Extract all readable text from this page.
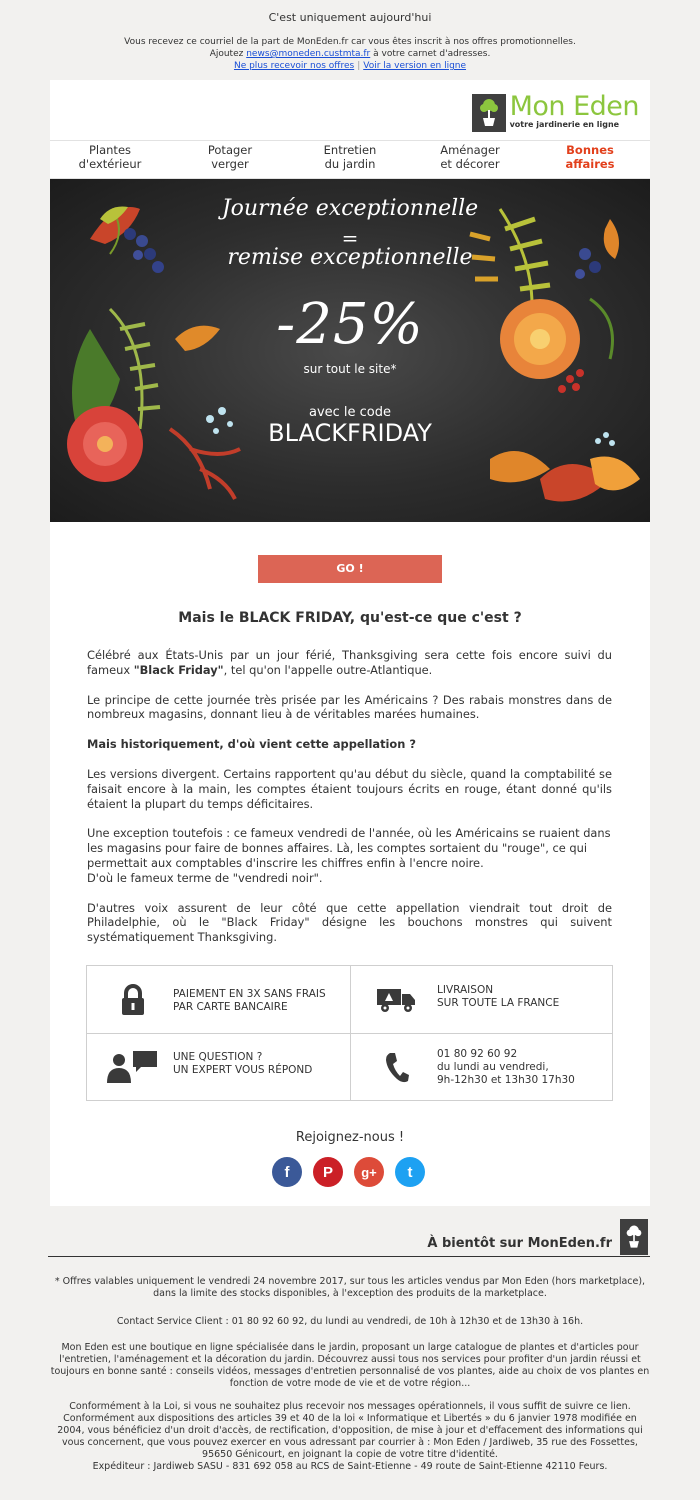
C'est uniquement aujourd'hui
Vous recevez ce courriel de la part de MonEden.fr car vous êtes inscrit à nos offres promotionnelles.
Ajoutez news@moneden.custmta.fr à votre carnet d'adresses.
Ne plus recevoir nos offres | Voir la version en ligne
Mon Eden
votre jardinerie en ligne
Plantes
d'extérieur
Potager
verger
Entretien
du jardin
Aménager
et décorer
Bonnes
affaires
Journée exceptionnelle
=
remise exceptionnelle
-25%
sur tout le site*
avec le code
BLACKFRIDAY
GO !
Mais le BLACK FRIDAY, qu'est-ce que c'est ?

Célébré aux États-Unis par un jour férié, Thanksgiving sera cette fois encore suivi du fameux "Black Friday", tel qu'on l'appelle outre-Atlantique.

Le principe de cette journée très prisée par les Américains ? Des rabais monstres dans de nombreux magasins, donnant lieu à de véritables marées humaines.

Mais historiquement, d'où vient cette appellation ?

Les versions divergent. Certains rapportent qu'au début du siècle, quand la comptabilité se faisait encore à la main, les comptes étaient toujours écrits en rouge, étant donné qu'ils étaient la plupart du temps déficitaires.

Une exception toutefois : ce fameux vendredi de l'année, où les Américains se ruaient dans les magasins pour faire de bonnes affaires. Là, les comptes sortaient du "rouge", ce qui permettait aux comptables d'inscrire les chiffres enfin à l'encre noire.
D'où le fameux terme de "vendredi noir".

D'autres voix assurent de leur côté que cette appellation viendrait tout droit de Philadelphie, où le "Black Friday" désigne les bouchons monstres qui suivent systématiquement Thanksgiving.

PAIEMENT EN 3X SANS FRAIS
PAR CARTE BANCAIRE
LIVRAISON
SUR TOUTE LA FRANCE
UNE QUESTION ?
UN EXPERT VOUS RÉPOND
01 80 92 60 92
du lundi au vendredi,
9h-12h30 et 13h30 17h30
Rejoignez-nous !
f	P	g+	t
À bientôt sur MonEden.fr
* Offres valables uniquement le vendredi 24 novembre 2017, sur tous les articles vendus par Mon Eden (hors marketplace), dans la limite des stocks disponibles, à l'exception des produits de la marketplace.
Contact Service Client : 01 80 92 60 92, du lundi au vendredi, de 10h à 12h30 et de 13h30 à 16h.
Mon Eden est une boutique en ligne spécialisée dans le jardin, proposant un large catalogue de plantes et d'articles pour l'entretien, l'aménagement et la décoration du jardin. Découvrez aussi tous nos services pour profiter d'un jardin réussi et toujours en bonne santé : conseils vidéos, messages d'entretien personnalisé de vos plantes, aide au choix de vos plantes en fonction de votre mode de vie et de votre région...
Conformément à la Loi, si vous ne souhaitez plus recevoir nos messages opérationnels, il vous suffit de suivre ce lien. Conformément aux dispositions des articles 39 et 40 de la loi « Informatique et Libertés » du 6 janvier 1978 modifiée en 2004, vous bénéficiez d'un droit d'accès, de rectification, d'opposition, de mise à jour et d'effacement des informations qui vous concernent, que vous pouvez exercer en vous adressant par courrier à : Mon Eden / Jardiweb, 35 rue des Fossettes, 95650 Génicourt, en joignant la copie de votre titre d'identité.
Expéditeur : Jardiweb SASU - 831 692 058 au RCS de Saint-Etienne - 49 route de Saint-Etienne 42110 Feurs.
